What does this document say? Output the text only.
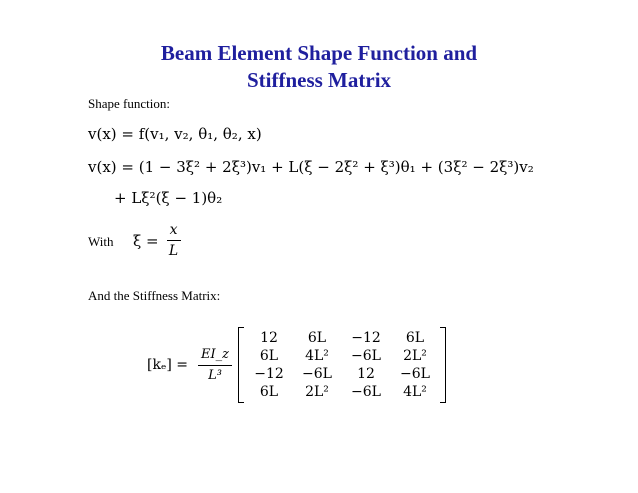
Beam Element Shape Function and
Stiffness Matrix
Shape function:
v(x) = f(v₁, v₂, θ₁, θ₂, x)
v(x) = (1 − 3ξ² + 2ξ³)v₁ + L(ξ − 2ξ² + ξ³)θ₁ + (3ξ² − 2ξ³)v₂
+ Lξ²(ξ − 1)θ₂
With $\xi = \frac{x}{L}$
And the Stiffness Matrix:
$[k_e] = \frac{EI\_z}{\text{L³}}$
12	6L	−12	6L
6L	4L²	−6L	2L²
−12	−6L	12	−6L
6L	2L²	−6L	4L²
